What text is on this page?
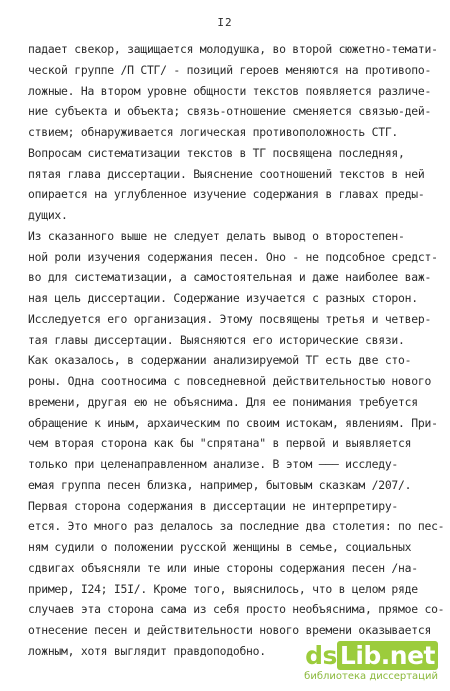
I2
падает свекор, защищается молодушка, во второй сюжетно-темати-
ческой группе /П СТГ/ - позиций героев меняются на противопо-
ложные. На втором уровне общности текстов появляется различе-
ние субъекта и объекта; связь-отношение сменяется связью-дей-
ствием; обнаруживается логическая противоположность СТГ.
Вопросам систематизации текстов в ТГ посвящена последняя,
пятая глава диссертации. Выяснение соотношений текстов в ней
опирается на углубленное изучение содержания в главах преды-
дущих.
Из сказанного выше не следует делать вывод о второстепен-
ной роли изучения содержания песен. Оно - не подсобное средст-
во для систематизации, а самостоятельная и даже наиболее важ-
ная цель диссертации. Содержание изучается с разных сторон.
Исследуется его организация. Этому посвящены третья и четвер-
тая главы диссертации. Выясняются его исторические связи.
Как оказалось, в содержании анализируемой ТГ есть две сто-
роны. Одна соотносима с повседневной действительностью нового
времени, другая ею не объяснима. Для ее понимания требуется
обращение к иным, архаическим по своим истокам, явлениям. При-
чем вторая сторона как бы "спрятана" в первой и выявляется
только при целенаправленном анализе. В этом ——— исследу-
емая группа песен близка, например, бытовым сказкам /207/.
Первая сторона содержания в диссертации не интерпретиру-
ется. Это много раз делалось за последние два столетия: по пес-
ням судили о положении русской женщины в семье, социальных
сдвигах объясняли те или иные стороны содержания песен /на-
пример, I24; I5I/. Кроме того, выяснилось, что в целом ряде
случаев эта сторона сама из себя просто необъяснима, прямое со-
отнесение песен и действительности нового времени оказывается
ложным, хотя выглядит правдоподобно.	ds Lib.net
библиотека диссертаций
